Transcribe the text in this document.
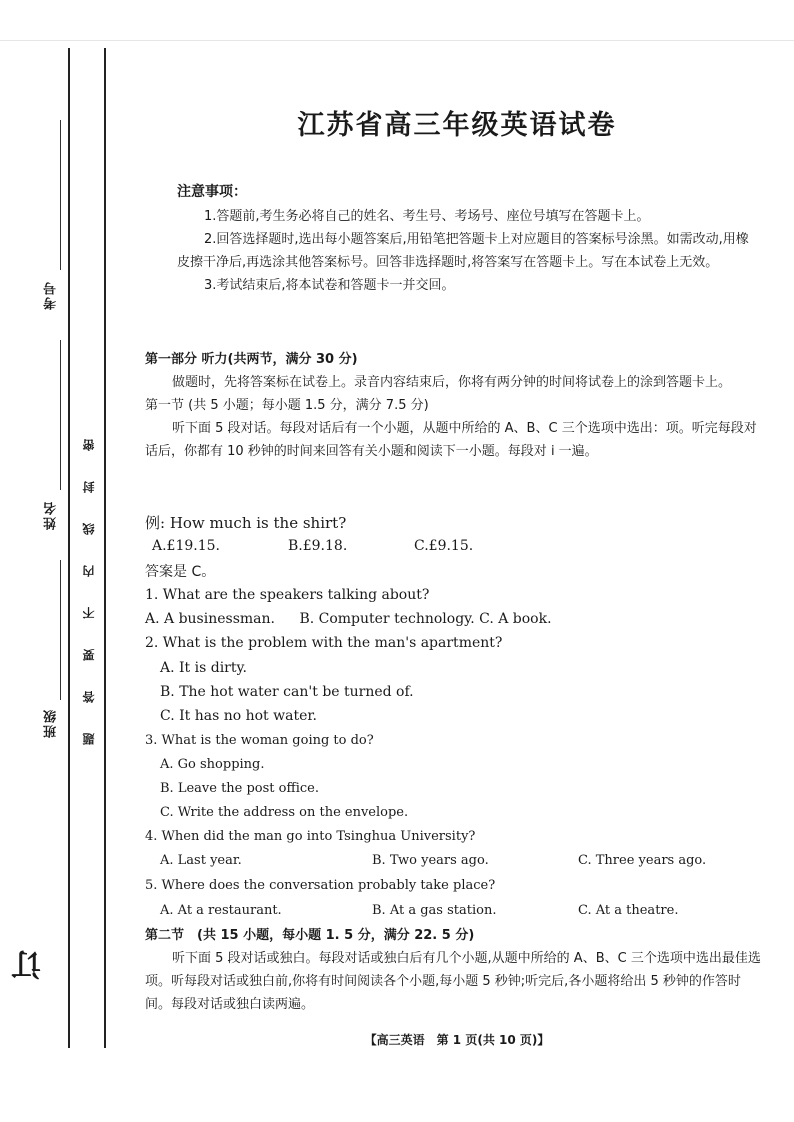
考号
姓名
班级 题答要不内线封密
订
江苏省高三年级英语试卷
注意事项：
1.答题前,考生务必将自己的姓名、考生号、考场号、座位号填写在答题卡上。
2.回答选择题时,选出每小题答案后,用铅笔把答题卡上对应题目的答案标号涂黑。如需改动,用橡皮擦干净后,再选涂其他答案标号。回答非选择题时,将答案写在答题卡上。写在本试卷上无效。
3.考试结束后,将本试卷和答题卡一并交回。
第一部分 听力(共两节，满分 30 分)
做题时，先将答案标在试卷上。录音内容结束后，你将有两分钟的时间将试卷上的涂到答题卡上。
第一节 (共 5 小题；每小题 1.5 分，满分 7.5 分)
听下面 5 段对话。每段对话后有一个小题，从题中所给的 A、B、C 三个选项中选出：项。听完每段对话后，你都有 10 秒钟的时间来回答有关小题和阅读下一小题。每段对 i 一遍。
例: How much is the shirt?
A.£19.15.	B.£9.18.	C.£9.15.
答案是 C。
1. What are the speakers talking about?
A. A businessman. B. Computer technology. C. A book.
2. What is the problem with the man's apartment?
A. It is dirty.
B. The hot water can't be turned of.
C. It has no hot water.
3. What is the woman going to do?
A. Go shopping.
B. Leave the post office.
C. Write the address on the envelope.
4. When did the man go into Tsinghua University?
A. Last year.	B. Two years ago.	C. Three years ago.
5. Where does the conversation probably take place?
A. At a restaurant.	B. At a gas station.	C. At a theatre.
第二节　(共 15 小题，每小题 1. 5 分，满分 22. 5 分)
听下面 5 段对话或独白。每段对话或独白后有几个小题,从题中所给的 A、B、C 三个选项中选出最佳选项。听每段对话或独白前,你将有时间阅读各个小题,每小题 5 秒钟;听完后,各小题将给出 5 秒钟的作答时间。每段对话或独白读两遍。
【高三英语　第 1 页(共 10 页)】
